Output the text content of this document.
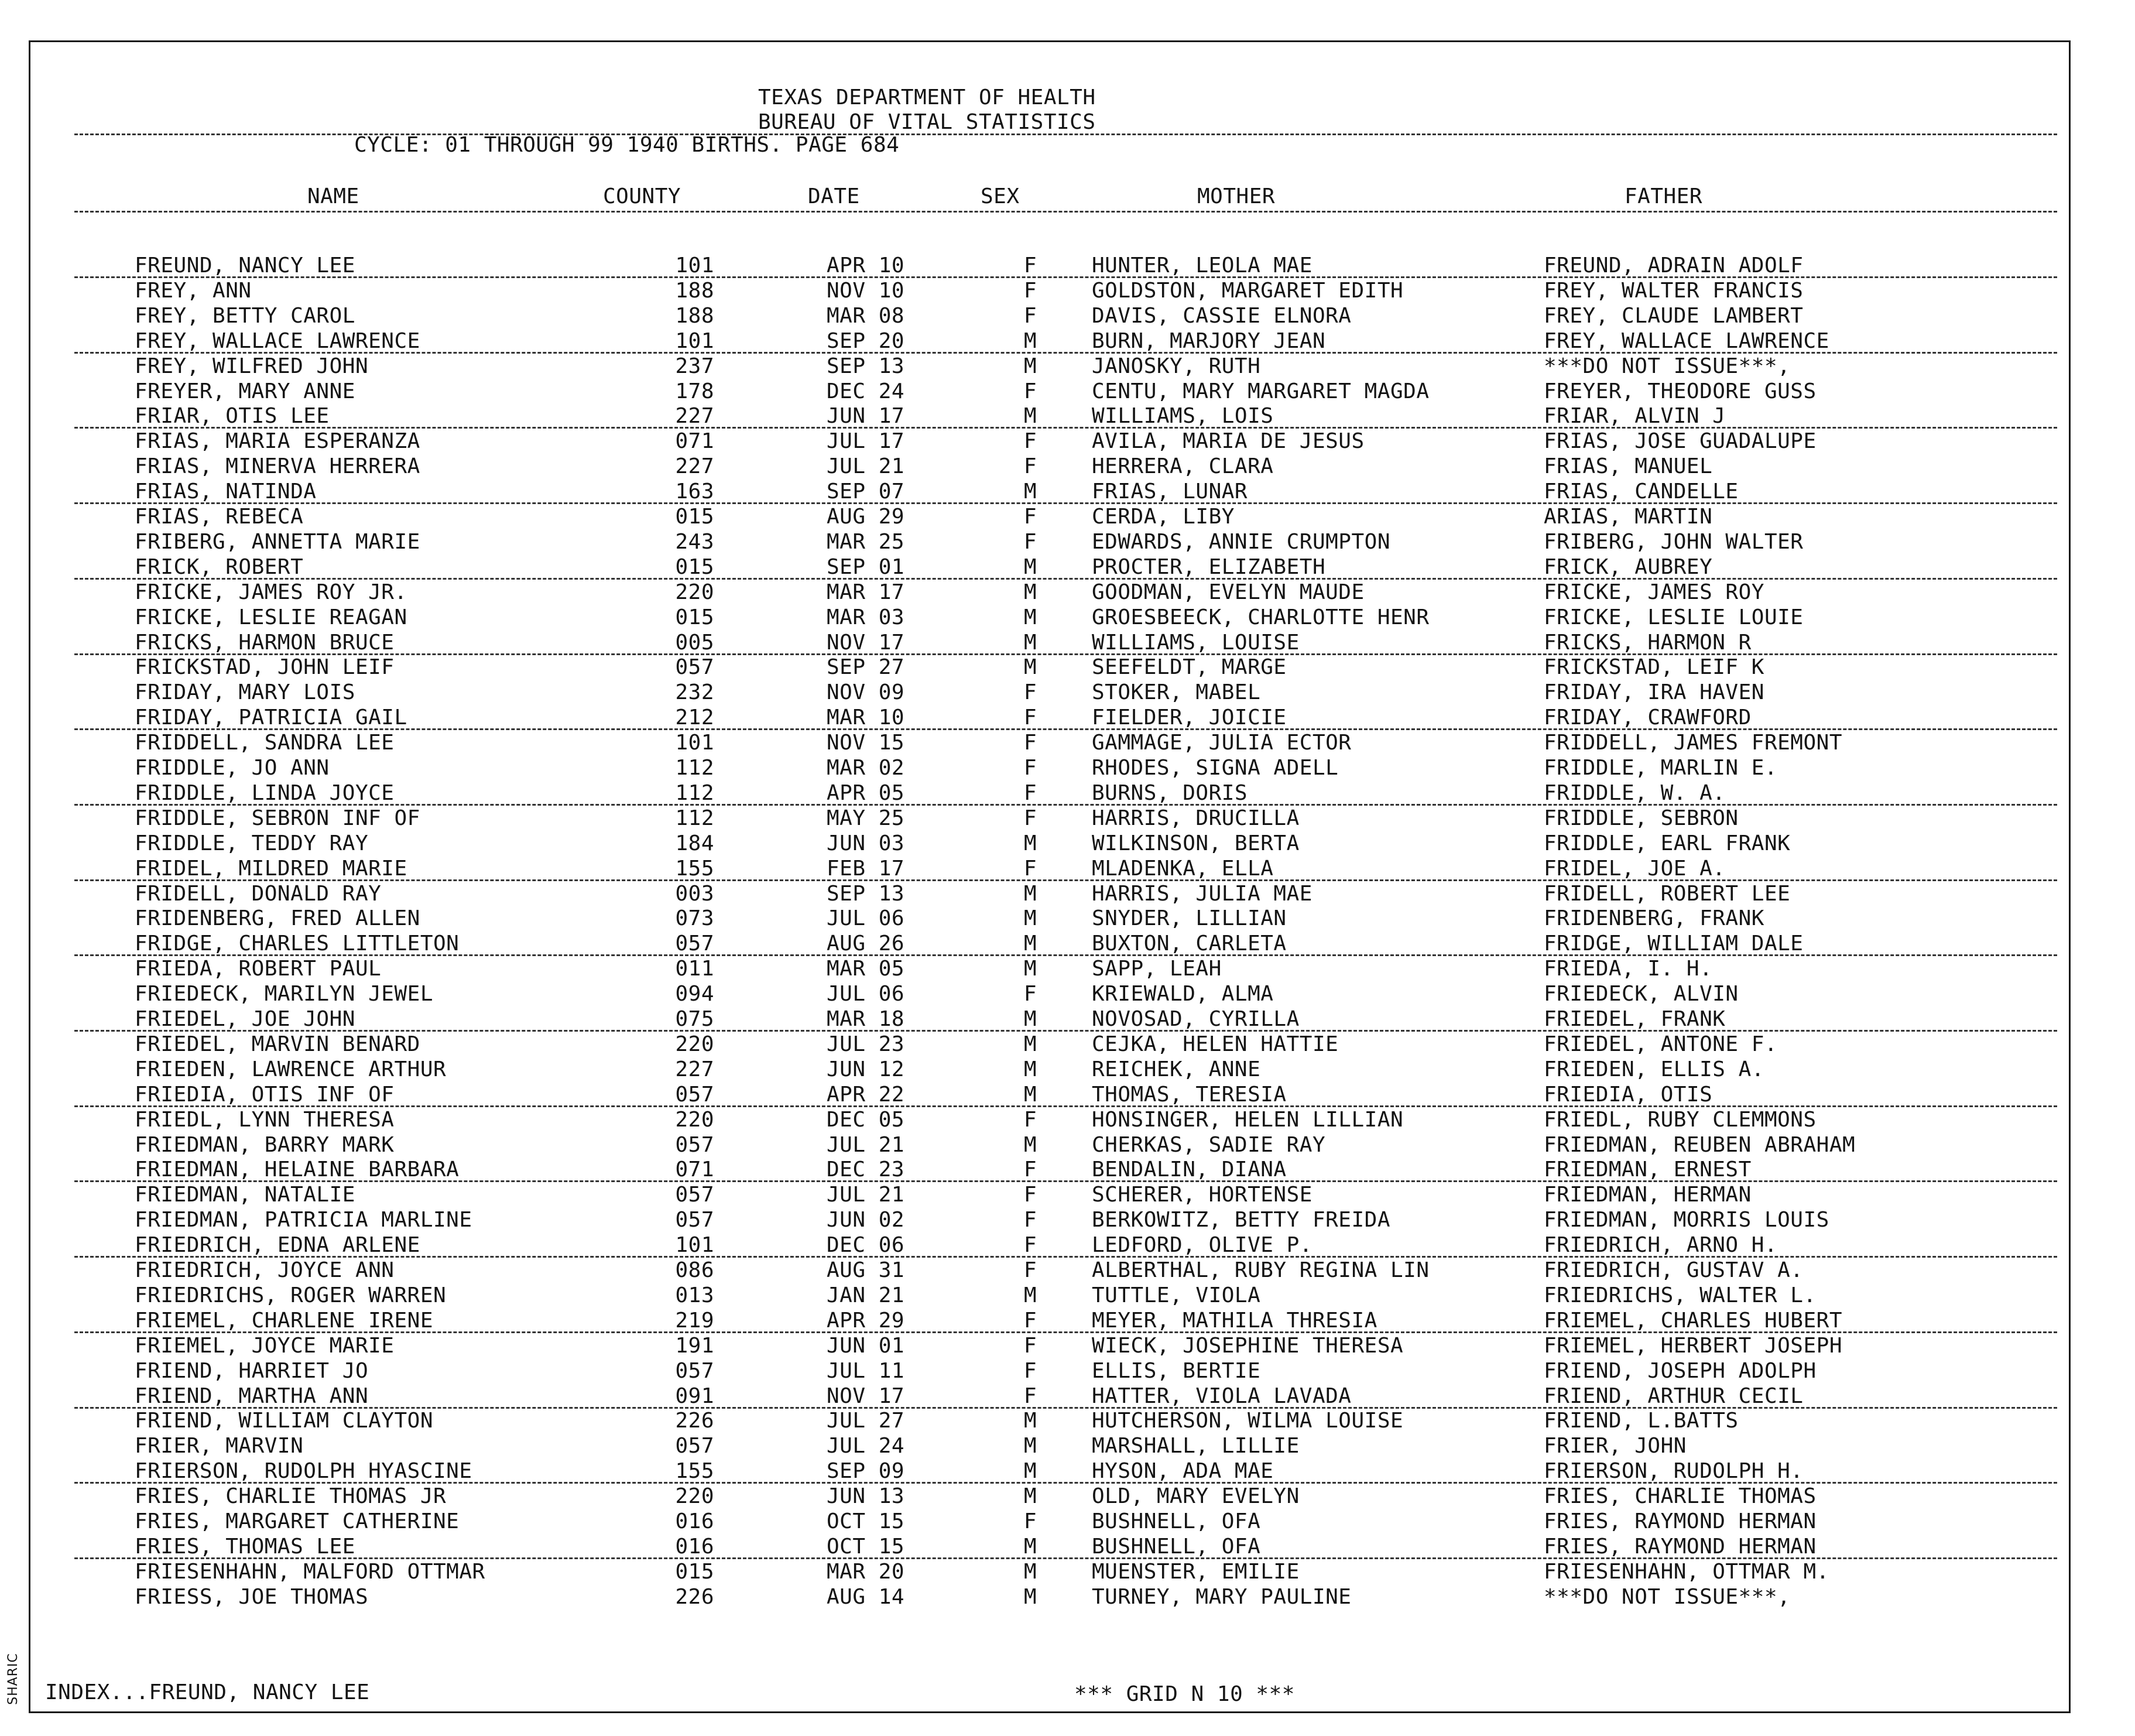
TEXAS DEPARTMENT OF HEALTH
BUREAU OF VITAL STATISTICS
CYCLE: 01 THROUGH 99 1940 BIRTHS. PAGE 684
NAME	COUNTY	DATE	SEX	MOTHER	FATHER
FREUND, NANCY LEE	101	APR 10	F	HUNTER, LEOLA MAE	FREUND, ADRAIN ADOLF
FREY, ANN	188	NOV 10	F	GOLDSTON, MARGARET EDITH	FREY, WALTER FRANCIS
FREY, BETTY CAROL	188	MAR 08	F	DAVIS, CASSIE ELNORA	FREY, CLAUDE LAMBERT
FREY, WALLACE LAWRENCE	101	SEP 20	M	BURN, MARJORY JEAN	FREY, WALLACE LAWRENCE
FREY, WILFRED JOHN	237	SEP 13	M	JANOSKY, RUTH	***DO NOT ISSUE***,
FREYER, MARY ANNE	178	DEC 24	F	CENTU, MARY MARGARET MAGDA	FREYER, THEODORE GUSS
FRIAR, OTIS LEE	227	JUN 17	M	WILLIAMS, LOIS	FRIAR, ALVIN J
FRIAS, MARIA ESPERANZA	071	JUL 17	F	AVILA, MARIA DE JESUS	FRIAS, JOSE GUADALUPE
FRIAS, MINERVA HERRERA	227	JUL 21	F	HERRERA, CLARA	FRIAS, MANUEL
FRIAS, NATINDA	163	SEP 07	M	FRIAS, LUNAR	FRIAS, CANDELLE
FRIAS, REBECA	015	AUG 29	F	CERDA, LIBY	ARIAS, MARTIN
FRIBERG, ANNETTA MARIE	243	MAR 25	F	EDWARDS, ANNIE CRUMPTON	FRIBERG, JOHN WALTER
FRICK, ROBERT	015	SEP 01	M	PROCTER, ELIZABETH	FRICK, AUBREY
FRICKE, JAMES ROY JR.	220	MAR 17	M	GOODMAN, EVELYN MAUDE	FRICKE, JAMES ROY
FRICKE, LESLIE REAGAN	015	MAR 03	M	GROESBEECK, CHARLOTTE HENR	FRICKE, LESLIE LOUIE
FRICKS, HARMON BRUCE	005	NOV 17	M	WILLIAMS, LOUISE	FRICKS, HARMON R
FRICKSTAD, JOHN LEIF	057	SEP 27	M	SEEFELDT, MARGE	FRICKSTAD, LEIF K
FRIDAY, MARY LOIS	232	NOV 09	F	STOKER, MABEL	FRIDAY, IRA HAVEN
FRIDAY, PATRICIA GAIL	212	MAR 10	F	FIELDER, JOICIE	FRIDAY, CRAWFORD
FRIDDELL, SANDRA LEE	101	NOV 15	F	GAMMAGE, JULIA ECTOR	FRIDDELL, JAMES FREMONT
FRIDDLE, JO ANN	112	MAR 02	F	RHODES, SIGNA ADELL	FRIDDLE, MARLIN E.
FRIDDLE, LINDA JOYCE	112	APR 05	F	BURNS, DORIS	FRIDDLE, W. A.
FRIDDLE, SEBRON INF OF	112	MAY 25	F	HARRIS, DRUCILLA	FRIDDLE, SEBRON
FRIDDLE, TEDDY RAY	184	JUN 03	M	WILKINSON, BERTA	FRIDDLE, EARL FRANK
FRIDEL, MILDRED MARIE	155	FEB 17	F	MLADENKA, ELLA	FRIDEL, JOE A.
FRIDELL, DONALD RAY	003	SEP 13	M	HARRIS, JULIA MAE	FRIDELL, ROBERT LEE
FRIDENBERG, FRED ALLEN	073	JUL 06	M	SNYDER, LILLIAN	FRIDENBERG, FRANK
FRIDGE, CHARLES LITTLETON	057	AUG 26	M	BUXTON, CARLETA	FRIDGE, WILLIAM DALE
FRIEDA, ROBERT PAUL	011	MAR 05	M	SAPP, LEAH	FRIEDA, I. H.
FRIEDECK, MARILYN JEWEL	094	JUL 06	F	KRIEWALD, ALMA	FRIEDECK, ALVIN
FRIEDEL, JOE JOHN	075	MAR 18	M	NOVOSAD, CYRILLA	FRIEDEL, FRANK
FRIEDEL, MARVIN BENARD	220	JUL 23	M	CEJKA, HELEN HATTIE	FRIEDEL, ANTONE F.
FRIEDEN, LAWRENCE ARTHUR	227	JUN 12	M	REICHEK, ANNE	FRIEDEN, ELLIS A.
FRIEDIA, OTIS INF OF	057	APR 22	M	THOMAS, TERESIA	FRIEDIA, OTIS
FRIEDL, LYNN THERESA	220	DEC 05	F	HONSINGER, HELEN LILLIAN	FRIEDL, RUBY CLEMMONS
FRIEDMAN, BARRY MARK	057	JUL 21	M	CHERKAS, SADIE RAY	FRIEDMAN, REUBEN ABRAHAM
FRIEDMAN, HELAINE BARBARA	071	DEC 23	F	BENDALIN, DIANA	FRIEDMAN, ERNEST
FRIEDMAN, NATALIE	057	JUL 21	F	SCHERER, HORTENSE	FRIEDMAN, HERMAN
FRIEDMAN, PATRICIA MARLINE	057	JUN 02	F	BERKOWITZ, BETTY FREIDA	FRIEDMAN, MORRIS LOUIS
FRIEDRICH, EDNA ARLENE	101	DEC 06	F	LEDFORD, OLIVE P.	FRIEDRICH, ARNO H.
FRIEDRICH, JOYCE ANN	086	AUG 31	F	ALBERTHAL, RUBY REGINA LIN	FRIEDRICH, GUSTAV A.
FRIEDRICHS, ROGER WARREN	013	JAN 21	M	TUTTLE, VIOLA	FRIEDRICHS, WALTER L.
FRIEMEL, CHARLENE IRENE	219	APR 29	F	MEYER, MATHILA THRESIA	FRIEMEL, CHARLES HUBERT
FRIEMEL, JOYCE MARIE	191	JUN 01	F	WIECK, JOSEPHINE THERESA	FRIEMEL, HERBERT JOSEPH
FRIEND, HARRIET JO	057	JUL 11	F	ELLIS, BERTIE	FRIEND, JOSEPH ADOLPH
FRIEND, MARTHA ANN	091	NOV 17	F	HATTER, VIOLA LAVADA	FRIEND, ARTHUR CECIL
FRIEND, WILLIAM CLAYTON	226	JUL 27	M	HUTCHERSON, WILMA LOUISE	FRIEND, L.BATTS
FRIER, MARVIN	057	JUL 24	M	MARSHALL, LILLIE	FRIER, JOHN
FRIERSON, RUDOLPH HYASCINE	155	SEP 09	M	HYSON, ADA MAE	FRIERSON, RUDOLPH H.
FRIES, CHARLIE THOMAS JR	220	JUN 13	M	OLD, MARY EVELYN	FRIES, CHARLIE THOMAS
FRIES, MARGARET CATHERINE	016	OCT 15	F	BUSHNELL, OFA	FRIES, RAYMOND HERMAN
FRIES, THOMAS LEE	016	OCT 15	M	BUSHNELL, OFA	FRIES, RAYMOND HERMAN
FRIESENHAHN, MALFORD OTTMAR	015	MAR 20	M	MUENSTER, EMILIE	FRIESENHAHN, OTTMAR M.
FRIESS, JOE THOMAS	226	AUG 14	M	TURNEY, MARY PAULINE	***DO NOT ISSUE***,
INDEX...FREUND, NANCY LEE	*** GRID N 10 ***
SHARIC
